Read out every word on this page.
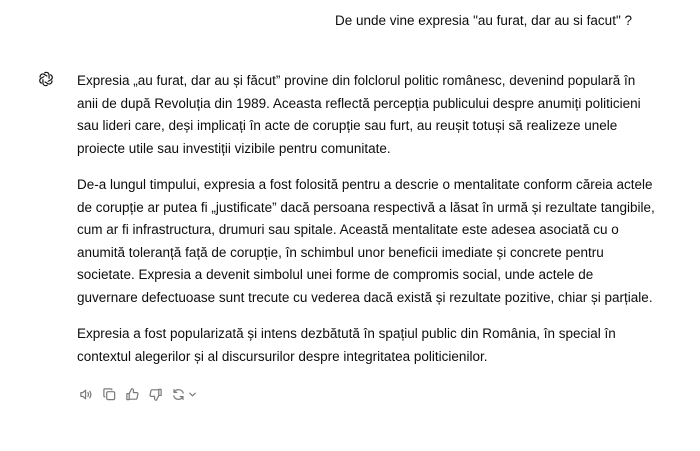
De unde vine expresia "au furat, dar au si facut" ?

Expresia „au furat, dar au și făcut” provine din folclorul politic românesc, devenind populară în anii de după Revoluția din 1989. Aceasta reflectă percepția publicului despre anumiți politicieni sau lideri care, deși implicați în acte de corupție sau furt, au reușit totuși să realizeze unele proiecte utile sau investiții vizibile pentru comunitate.

De-a lungul timpului, expresia a fost folosită pentru a descrie o mentalitate conform căreia actele de corupție ar putea fi „justificate” dacă persoana respectivă a lăsat în urmă și rezultate tangibile, cum ar fi infrastructura, drumuri sau spitale. Această mentalitate este adesea asociată cu o anumită toleranță față de corupție, în schimbul unor beneficii imediate și concrete pentru societate. Expresia a devenit simbolul unei forme de compromis social, unde actele de guvernare defectuoase sunt trecute cu vederea dacă există și rezultate pozitive, chiar și parțiale.

Expresia a fost popularizată și intens dezbătută în spațiul public din România, în special în contextul alegerilor și al discursurilor despre integritatea politicienilor.
